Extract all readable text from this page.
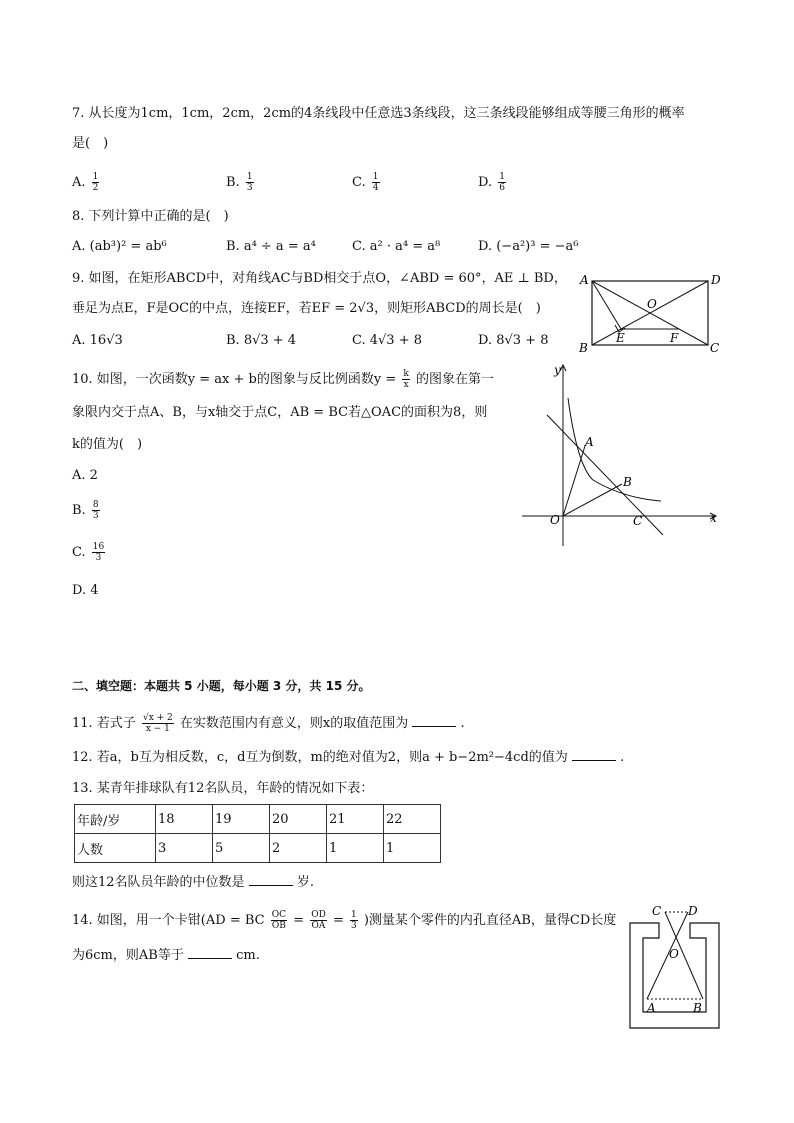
7. 从长度为1cm，1cm，2cm，2cm的4条线段中任意选3条线段，这三条线段能够组成等腰三角形的概率
是(　)
A. $\frac{1}{2}$	B. $\frac{1}{3}$	C. $\frac{1}{4}$	D. $\frac{1}{6}$
8. 下列计算中正确的是(　)
A. (ab³)² = ab⁶	B. a⁴ ÷ a = a⁴	C. a² · a⁴ = a⁸	D. (−a²)³ = −a⁶
9. 如图，在矩形ABCD中，对角线AC与BD相交于点O，∠ABD = 60°，AE ⊥ BD，
垂足为点E，F是OC的中点，连接EF，若EF = 2√3，则矩形ABCD的周长是(　)
A. 16√3	B. 8√3 + 4	C. 4√3 + 8	D. 8√3 + 8
A	D
B	C
O
E	F
10. 如图，一次函数y = ax + b的图象与反比例函数$y = \frac{k}{x}$ 的图象在第一
象限内交于点A、B，与x轴交于点C，AB = BC若△OAC的面积为8，则
k的值为(　)
A. 2
B. $\frac{8}{3}$
C. $\frac{16}{3}$
D. 4
y
x
O
A
B
C
二、填空题：本题共 5 小题，每小题 3 分，共 15 分。
11. 若式子 $\frac{√x + 2}{x - 1}$ 在实数范围内有意义，则x的取值范围为	.
12. 若a，b互为相反数，c，d互为倒数，m的绝对值为2，则a + b−2m²−4cd的值为	.
13. 某青年排球队有12名队员，年龄的情况如下表：
年龄/岁	18	19	20	21	22
人数	3	5	2	1	1
则这12名队员年龄的中位数是	岁.
14. 如图，用一个卡钳(AD = BC $\frac{OC}{OB} = \frac{OD}{OA} = \frac{1}{3}$ )测量某个零件的内孔直径AB，量得CD长度
为6cm，则AB等于	cm.
C D
O
A	B
